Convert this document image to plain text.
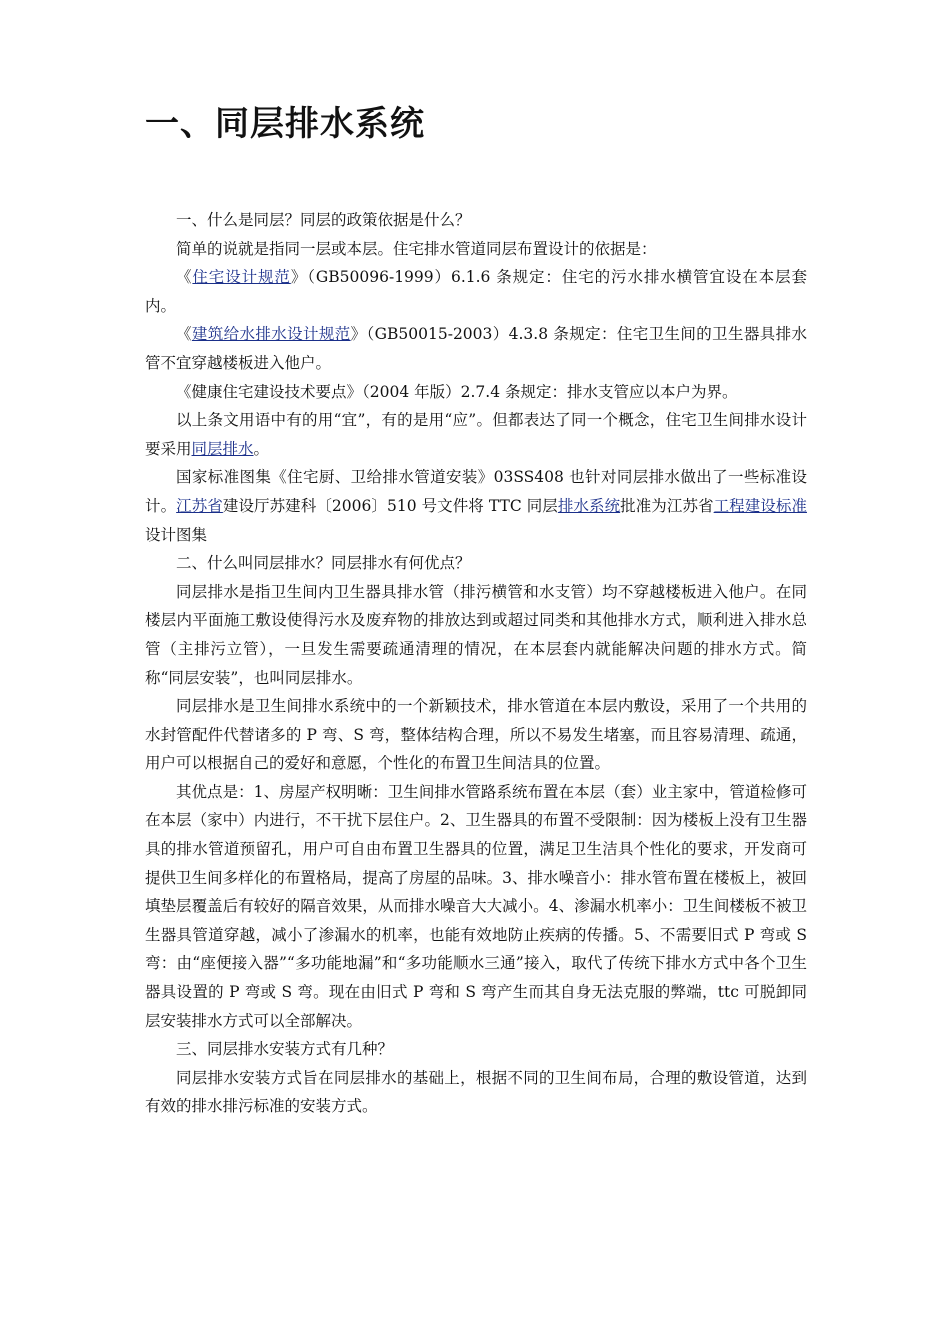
一、同层排水系统

一、什么是同层？同层的政策依据是什么？

简单的说就是指同一层或本层。住宅排水管道同层布置设计的依据是：

《住宅设计规范》（GB50096-1999）6.1.6 条规定：住宅的污水排水横管宜设在本层套内。

《建筑给水排水设计规范》（GB50015-2003）4.3.8 条规定：住宅卫生间的卫生器具排水管不宜穿越楼板进入他户。

《健康住宅建设技术要点》（2004 年版）2.7.4 条规定：排水支管应以本户为界。

以上条文用语中有的用“宜”，有的是用“应”。但都表达了同一个概念，住宅卫生间排水设计要采用同层排水。

国家标准图集《住宅厨、卫给排水管道安装》03SS408 也针对同层排水做出了一些标准设计。江苏省建设厅苏建科〔2006〕510 号文件将 TTC 同层排水系统批准为江苏省工程建设标准设计图集

二、什么叫同层排水？同层排水有何优点？

同层排水是指卫生间内卫生器具排水管（排污横管和水支管）均不穿越楼板进入他户。在同楼层内平面施工敷设使得污水及废弃物的排放达到或超过同类和其他排水方式，顺利进入排水总管（主排污立管），一旦发生需要疏通清理的情况，在本层套内就能解决问题的排水方式。简称“同层安装”，也叫同层排水。

同层排水是卫生间排水系统中的一个新颖技术，排水管道在本层内敷设，采用了一个共用的水封管配件代替诸多的 P 弯、S 弯，整体结构合理，所以不易发生堵塞，而且容易清理、疏通，用户可以根据自己的爱好和意愿，个性化的布置卫生间洁具的位置。

其优点是：1、房屋产权明晰：卫生间排水管路系统布置在本层（套）业主家中，管道检修可在本层（家中）内进行，不干扰下层住户。2、卫生器具的布置不受限制：因为楼板上没有卫生器具的排水管道预留孔，用户可自由布置卫生器具的位置，满足卫生洁具个性化的要求，开发商可提供卫生间多样化的布置格局，提高了房屋的品味。3、排水噪音小：排水管布置在楼板上，被回填垫层覆盖后有较好的隔音效果，从而排水噪音大大减小。4、渗漏水机率小：卫生间楼板不被卫生器具管道穿越，减小了渗漏水的机率，也能有效地防止疾病的传播。5、不需要旧式 P 弯或 S 弯：由“座便接入器”“多功能地漏”和“多功能顺水三通”接入，取代了传统下排水方式中各个卫生器具设置的 P 弯或 S 弯。现在由旧式 P 弯和 S 弯产生而其自身无法克服的弊端，ttc 可脱卸同层安装排水方式可以全部解决。

三、同层排水安装方式有几种？

同层排水安装方式旨在同层排水的基础上，根据不同的卫生间布局，合理的敷设管道，达到有效的排水排污标准的安装方式。
